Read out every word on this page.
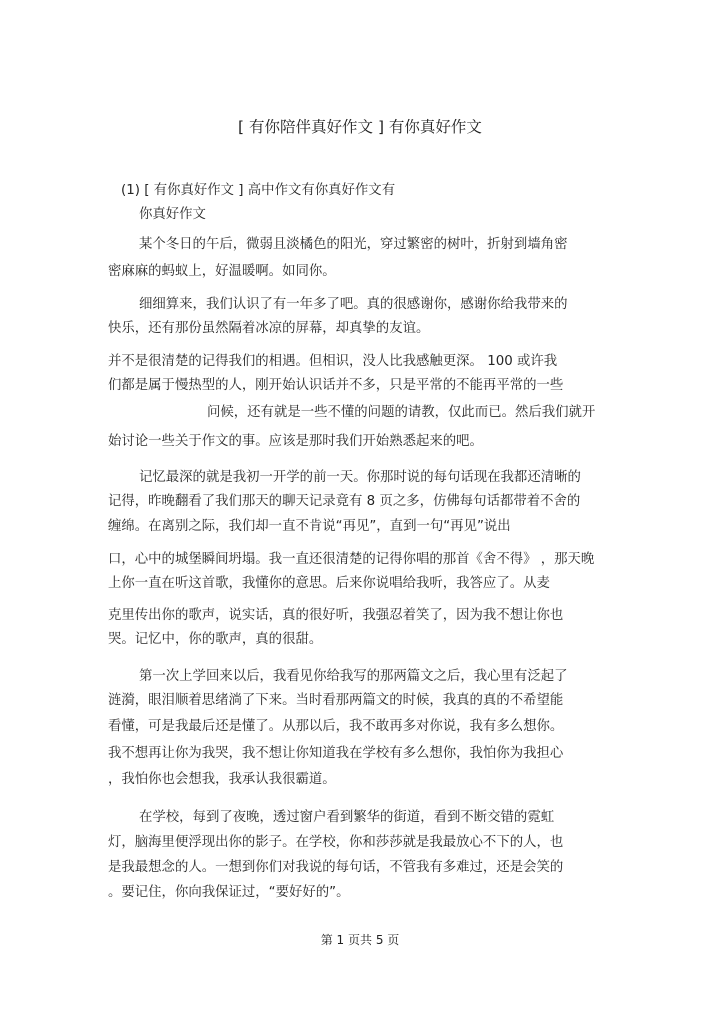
[ 有你陪伴真好作文 ] 有你真好作文
(1) [ 有你真好作文 ] 高中作文有你真好作文有
你真好作文
某个冬日的午后，微弱且淡橘色的阳光，穿过繁密的树叶，折射到墙角密
密麻麻的蚂蚁上，好温暖啊。如同你。
细细算来，我们认识了有一年多了吧。真的很感谢你，感谢你给我带来的
快乐，还有那份虽然隔着冰凉的屏幕，却真挚的友谊。
并不是很清楚的记得我们的相遇。但相识，没人比我感触更深。 100 或许我
们都是属于慢热型的人，刚开始认识话并不多，只是平常的不能再平常的一些
问候，还有就是一些不懂的问题的请教，仅此而已。然后我们就开
始讨论一些关于作文的事。应该是那时我们开始熟悉起来的吧。
记忆最深的就是我初一开学的前一天。你那时说的每句话现在我都还清晰的
记得，昨晚翻看了我们那天的聊天记录竟有 8 页之多，仿佛每句话都带着不舍的
缠绵。在离别之际，我们却一直不肯说“再见”，直到一句“再见”说出
口，心中的城堡瞬间坍塌。我一直还很清楚的记得你唱的那首《舍不得》 ，那天晚
上你一直在听这首歌，我懂你的意思。后来你说唱给我听，我答应了。从麦
克里传出你的歌声，说实话，真的很好听，我强忍着笑了，因为我不想让你也
哭。记忆中，你的歌声，真的很甜。
第一次上学回来以后，我看见你给我写的那两篇文之后，我心里有泛起了
涟漪，眼泪顺着思绪淌了下来。当时看那两篇文的时候，我真的真的不希望能
看懂，可是我最后还是懂了。从那以后，我不敢再多对你说，我有多么想你。
我不想再让你为我哭，我不想让你知道我在学校有多么想你，我怕你为我担心
，我怕你也会想我，我承认我很霸道。
在学校，每到了夜晚，透过窗户看到繁华的街道，看到不断交错的霓虹
灯，脑海里便浮现出你的影子。在学校，你和莎莎就是我最放心不下的人，也
是我最想念的人。一想到你们对我说的每句话，不管我有多难过，还是会笑的
。要记住，你向我保证过，“要好好的”。
第 1 页共 5 页
